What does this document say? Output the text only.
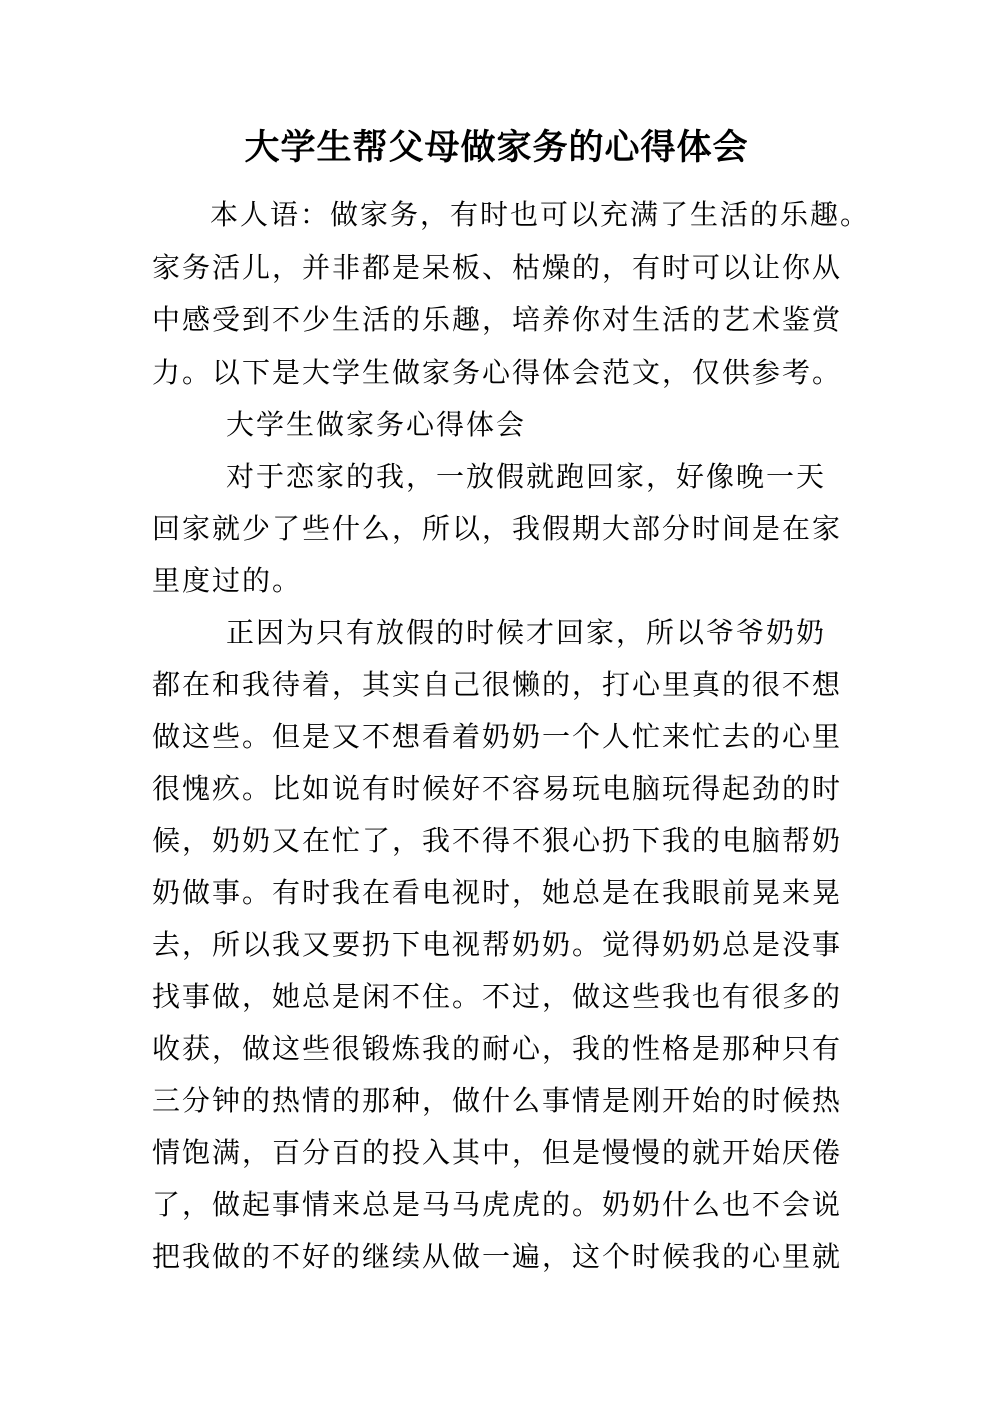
大学生帮父母做家务的心得体会

本人语：做家务，有时也可以充满了生活的乐趣。

家务活儿，并非都是呆板、枯燥的，有时可以让你从

中感受到不少生活的乐趣，培养你对生活的艺术鉴赏

力。以下是大学生做家务心得体会范文，仅供参考。

大学生做家务心得体会

对于恋家的我，一放假就跑回家，好像晚一天

回家就少了些什么，所以，我假期大部分时间是在家

里度过的。

正因为只有放假的时候才回家，所以爷爷奶奶

都在和我待着，其实自己很懒的，打心里真的很不想

做这些。但是又不想看着奶奶一个人忙来忙去的心里

很愧疚。比如说有时候好不容易玩电脑玩得起劲的时

候，奶奶又在忙了，我不得不狠心扔下我的电脑帮奶

奶做事。有时我在看电视时，她总是在我眼前晃来晃

去，所以我又要扔下电视帮奶奶。觉得奶奶总是没事

找事做，她总是闲不住。不过，做这些我也有很多的

收获，做这些很锻炼我的耐心，我的性格是那种只有

三分钟的热情的那种，做什么事情是刚开始的时候热

情饱满，百分百的投入其中，但是慢慢的就开始厌倦

了，做起事情来总是马马虎虎的。奶奶什么也不会说

把我做的不好的继续从做一遍，这个时候我的心里就
